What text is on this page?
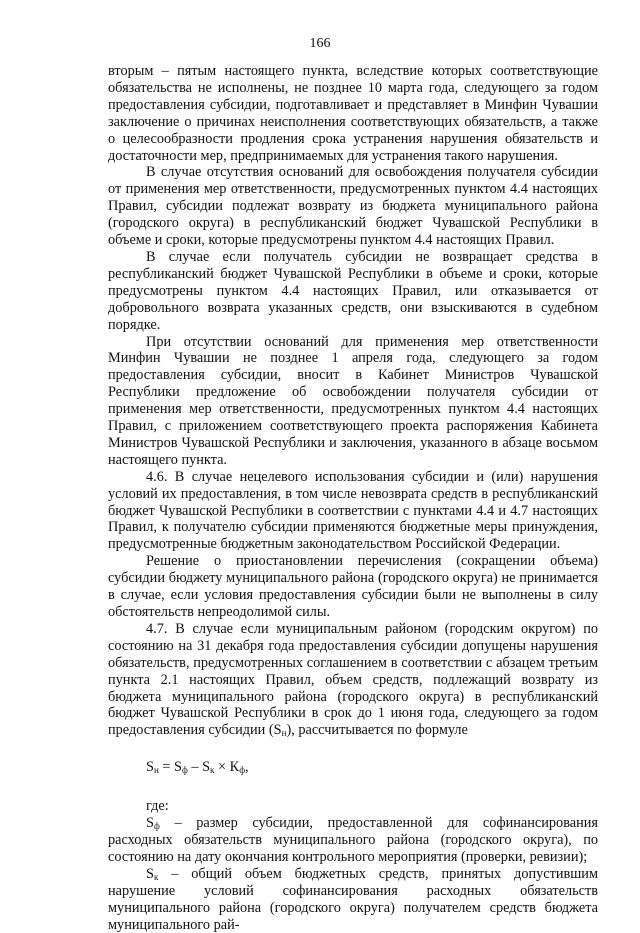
166

вторым – пятым настоящего пункта, вследствие которых соответствующие обязательства не исполнены, не позднее 10 марта года, следующего за годом предоставления субсидии, подготавливает и представляет в Минфин Чувашии заключение о причинах неисполнения соответствующих обязательств, а также о целесообразности продления срока устранения нарушения обязательств и достаточности мер, предпринимаемых для устранения такого нарушения.

В случае отсутствия оснований для освобождения получателя субсидии от применения мер ответственности, предусмотренных пунктом 4.4 настоящих Правил, субсидии подлежат возврату из бюджета муниципального района (городского округа) в республиканский бюджет Чувашской Республики в объеме и сроки, которые предусмотрены пунктом 4.4 настоящих Правил.

В случае если получатель субсидии не возвращает средства в республиканский бюджет Чувашской Республики в объеме и сроки, которые предусмотрены пунктом 4.4 настоящих Правил, или отказывается от добровольного возврата указанных средств, они взыскиваются в судебном порядке.

При отсутствии оснований для применения мер ответственности Минфин Чувашии не позднее 1 апреля года, следующего за годом предоставления субсидии, вносит в Кабинет Министров Чувашской Республики предложение об освобождении получателя субсидии от применения мер ответственности, предусмотренных пунктом 4.4 настоящих Правил, с приложением соответствующего проекта распоряжения Кабинета Министров Чувашской Республики и заключения, указанного в абзаце восьмом настоящего пункта.

4.6. В случае нецелевого использования субсидии и (или) нарушения условий их предоставления, в том числе невозврата средств в республиканский бюджет Чувашской Республики в соответствии с пунктами 4.4 и 4.7 настоящих Правил, к получателю субсидии применяются бюджетные меры принуждения, предусмотренные бюджетным законодательством Российской Федерации.

Решение о приостановлении перечисления (сокращении объема) субсидии бюджету муниципального района (городского округа) не принимается в случае, если условия предоставления субсидии были не выполнены в силу обстоятельств непреодолимой силы.

4.7. В случае если муниципальным районом (городским округом) по состоянию на 31 декабря года предоставления субсидии допущены нарушения обязательств, предусмотренных соглашением в соответствии с абзацем третьим пункта 2.1 настоящих Правил, объем средств, подлежащий возврату из бюджета муниципального района (городского округа) в республиканский бюджет Чувашской Республики в срок до 1 июня года, следующего за годом предоставления субсидии $(S_н)$, рассчитывается по формуле

$S_н = S_ф - S_к \times К_ф$,

где:

$S_ф$ – размер субсидии, предоставленной для софинансирования расходных обязательств муниципального района (городского округа), по состоянию на дату окончания контрольного мероприятия (проверки, ревизии);

$S_к$ – общий объем бюджетных средств, принятых допустившим нарушение условий софинансирования расходных обязательств муниципального района (городского округа) получателем средств бюджета муниципального рай-
